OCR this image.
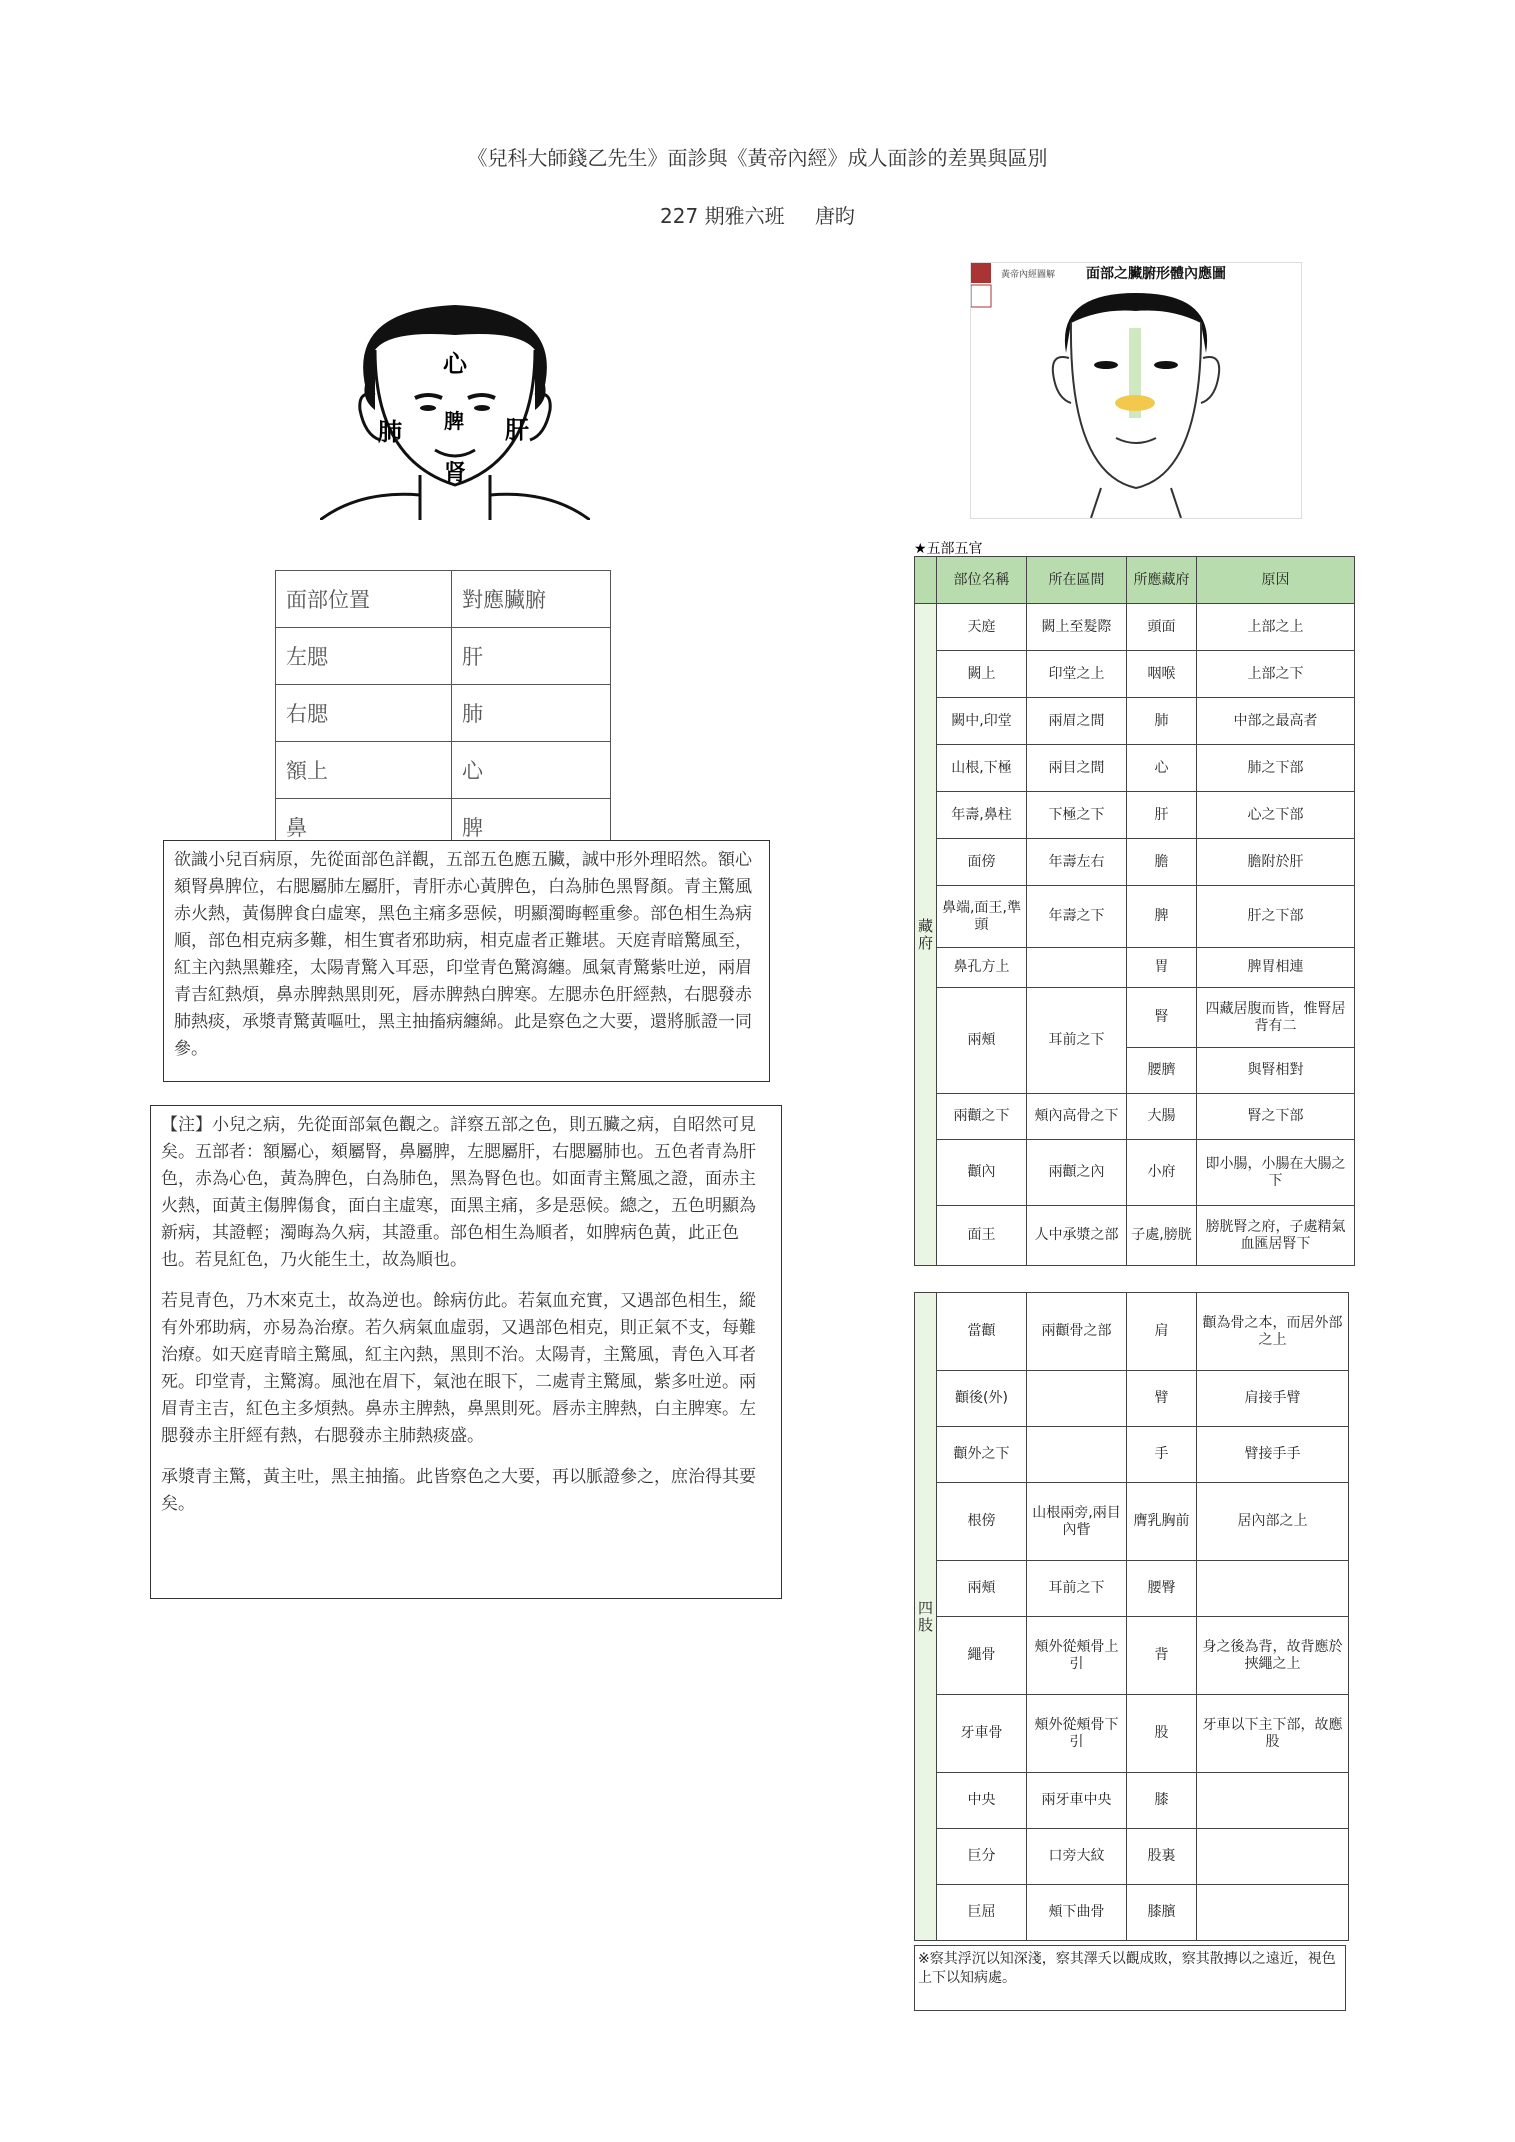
《兒科大師錢乙先生》面診與《黃帝內經》成人面診的差異與區別
227 期雅六班 唐昀
心
脾
肺	肝
肾
黃帝內經圖解 面部之臟腑形體內應圖
面部位置	對應臟腑
左腮	肝
右腮	肺
額上	心
鼻	脾
欲識小兒百病原，先從面部色詳觀，五部五色應五臟，誠中形外理昭然。額心頦腎鼻脾位，右腮屬肺左屬肝，青肝赤心黃脾色，白為肺色黑腎顏。青主驚風赤火熱，黃傷脾食白虛寒，黑色主痛多惡候，明顯濁晦輕重參。部色相生為病順，部色相克病多難，相生實者邪助病，相克虛者正難堪。天庭青暗驚風至，紅主內熱黑難痊，太陽青驚入耳惡，印堂青色驚瀉纏。風氣青驚紫吐逆，兩眉青吉紅熱煩，鼻赤脾熱黑則死，唇赤脾熱白脾寒。左腮赤色肝經熱，右腮發赤肺熱痰，承漿青驚黃嘔吐，黑主抽搐病纏綿。此是察色之大要，還將脈證一同參。

【注】小兒之病，先從面部氣色觀之。詳察五部之色，則五臟之病，自昭然可見矣。五部者：額屬心，頦屬腎，鼻屬脾，左腮屬肝，右腮屬肺也。五色者青為肝色，赤為心色，黃為脾色，白為肺色，黑為腎色也。如面青主驚風之證，面赤主火熱，面黃主傷脾傷食，面白主虛寒，面黑主痛，多是惡候。總之，五色明顯為新病，其證輕；濁晦為久病，其證重。部色相生為順者，如脾病色黃，此正色也。若見紅色，乃火能生土，故為順也。

若見青色，乃木來克土，故為逆也。餘病仿此。若氣血充實，又遇部色相生，縱有外邪助病，亦易為治療。若久病氣血虛弱，又遇部色相克，則正氣不支，每難治療。如天庭青暗主驚風，紅主內熱，黑則不治。太陽青，主驚風，青色入耳者死。印堂青，主驚瀉。風池在眉下，氣池在眼下，二處青主驚風，紫多吐逆。兩眉青主吉，紅色主多煩熱。鼻赤主脾熱，鼻黑則死。唇赤主脾熱，白主脾寒。左腮發赤主肝經有熱，右腮發赤主肺熱痰盛。

承漿青主驚，黃主吐，黑主抽搐。此皆察色之大要，再以脈證參之，庶治得其要矣。

★五部五官
	部位名稱	所在區間	所應藏府	原因
藏府	天庭	闕上至髮際	頭面	上部之上
	闕上	印堂之上	咽喉	上部之下
	闕中,印堂	兩眉之間	肺	中部之最高者
	山根,下極	兩目之間	心	肺之下部
	年壽,鼻柱	下極之下	肝	心之下部
	面傍	年壽左右	膽	膽附於肝
	鼻端,面王,準頭	年壽之下	脾	肝之下部
	鼻孔方上		胃	脾胃相連
	兩頰	耳前之下	腎	四藏居腹而皆，惟腎居背有二
			腰臍	與腎相對
	兩顴之下	頰內高骨之下	大腸	腎之下部
	顴內	兩顴之內	小府	即小腸，小腸在大腸之下
	面王	人中承漿之部	子處,膀胱	膀胱腎之府，子處精氣血匯居腎下
四肢	當顴	兩顴骨之部	肩	顴為骨之本，而居外部之上
	顴後(外)		臂	肩接手臂
	顴外之下		手	臂接手手
	根傍	山根兩旁,兩目內眥	膺乳胸前	居內部之上
	兩頰	耳前之下	腰臀	
	繩骨	頰外從頰骨上引	背	身之後為背，故背應於挾繩之上
	牙車骨	頰外從頰骨下引	股	牙車以下主下部，故應股
	中央	兩牙車中央	膝	
	巨分	口旁大紋	股裏	
	巨屈	頰下曲骨	膝臏	
※察其浮沉以知深淺，察其澤夭以觀成敗，察其散摶以之遠近，視色上下以知病處。
